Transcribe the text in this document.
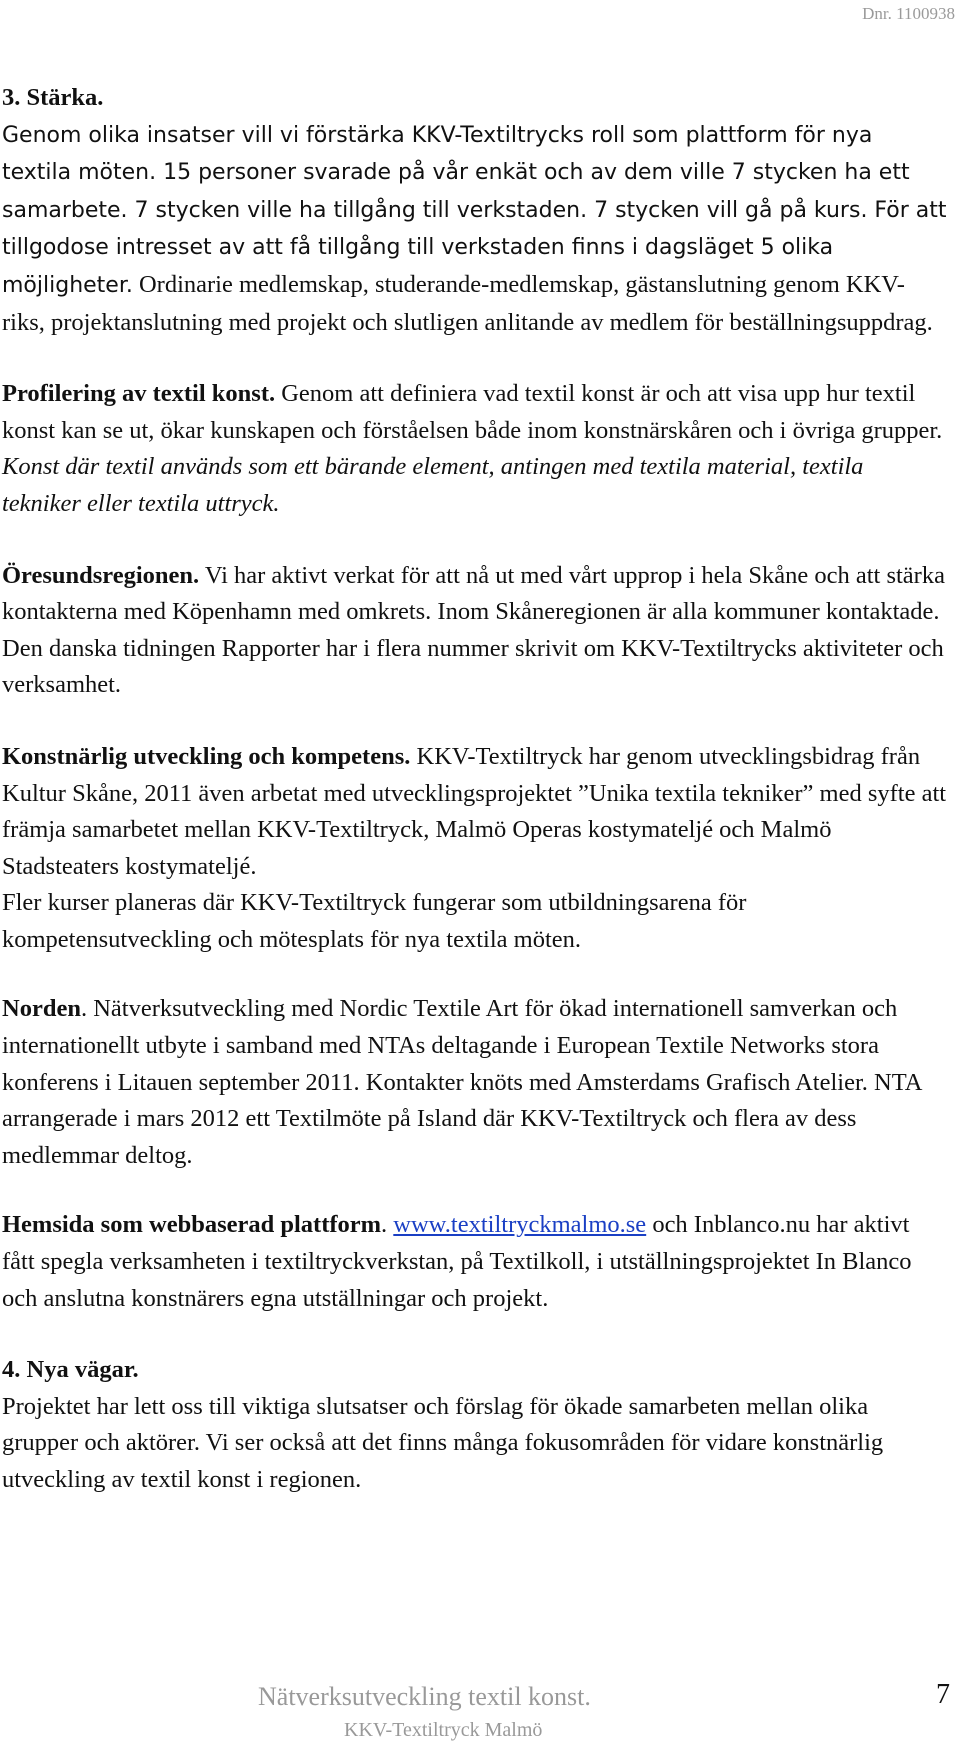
Dnr. 1100938

3. Stärka.
Genom olika insatser vill vi förstärka KKV-Textiltrycks roll som plattform för nya textila möten. 15 personer svarade på vår enkät och av dem ville 7 stycken ha ett samarbete. 7 stycken ville ha tillgång till verkstaden. 7 stycken vill gå på kurs. För att tillgodose intresset av att få tillgång till verkstaden finns i dagsläget 5 olika möjligheter. Ordinarie medlemskap, studerande-medlemskap, gästanslutning genom KKV-riks, projektanslutning med projekt och slutligen anlitande av medlem för beställningsuppdrag.

Profilering av textil konst. Genom att definiera vad textil konst är och att visa upp hur textil konst kan se ut, ökar kunskapen och förståelsen både inom konstnärskåren och i övriga grupper. Konst där textil används som ett bärande element, antingen med textila material, textila tekniker eller textila uttryck.

Öresundsregionen. Vi har aktivt verkat för att nå ut med vårt upprop i hela Skåne och att stärka kontakterna med Köpenhamn med omkrets. Inom Skåneregionen är alla kommuner kontaktade. Den danska tidningen Rapporter har i flera nummer skrivit om KKV-Textiltrycks aktiviteter och verksamhet.

Konstnärlig utveckling och kompetens. KKV-Textiltryck har genom utvecklingsbidrag från Kultur Skåne, 2011 även arbetat med utvecklingsprojektet ”Unika textila tekniker” med syfte att främja samarbetet mellan KKV-Textiltryck, Malmö Operas kostymateljé och Malmö Stadsteaters kostymateljé.
Fler kurser planeras där KKV-Textiltryck fungerar som utbildningsarena för kompetensutveckling och mötesplats för nya textila möten.

Norden. Nätverksutveckling med Nordic Textile Art för ökad internationell samverkan och internationellt utbyte i samband med NTAs deltagande i European Textile Networks stora konferens i Litauen september 2011. Kontakter knöts med Amsterdams Grafisch Atelier. NTA arrangerade i mars 2012 ett Textilmöte på Island där KKV-Textiltryck och flera av dess medlemmar deltog.

Hemsida som webbaserad plattform. www.textiltryckmalmo.se och Inblanco.nu har aktivt fått spegla verksamheten i textiltryckverkstan, på Textilkoll, i utställningsprojektet In Blanco och anslutna konstnärers egna utställningar och projekt.

4. Nya vägar.
Projektet har lett oss till viktiga slutsatser och förslag för ökade samarbeten mellan olika grupper och aktörer. Vi ser också att det finns många fokusområden för vidare konstnärlig utveckling av textil konst i regionen.

Nätverksutveckling textil konst.	7
KKV-Textiltryck Malmö
